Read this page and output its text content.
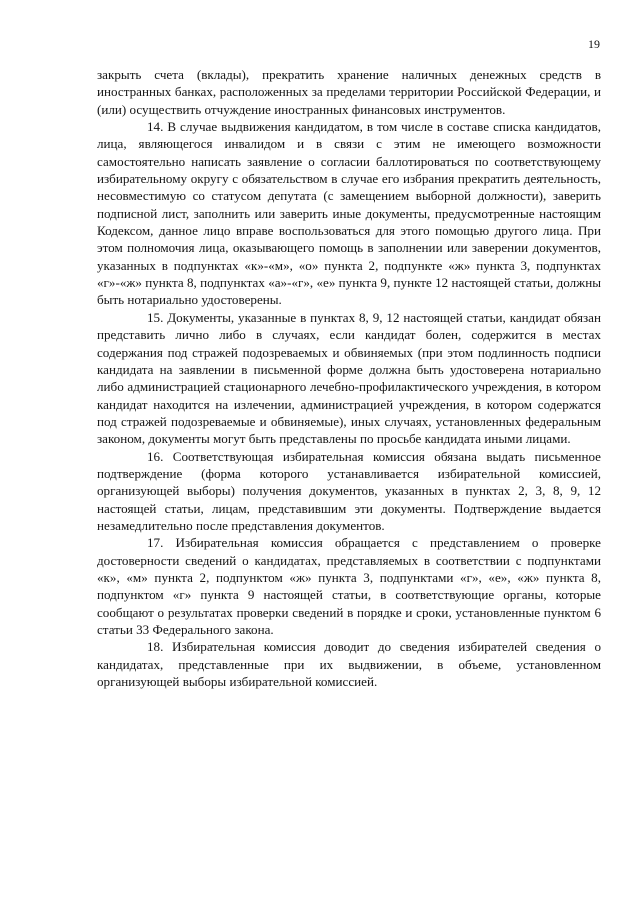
19

закрыть счета (вклады), прекратить хранение наличных денежных средств в иностранных банках, расположенных за пределами территории Российской Федерации, и (или) осуществить отчуждение иностранных финансовых инструментов.

14. В случае выдвижения кандидатом, в том числе в составе списка кандидатов, лица, являющегося инвалидом и в связи с этим не имеющего возможности самостоятельно написать заявление о согласии баллотироваться по соответствующему избирательному округу с обязательством в случае его избрания прекратить деятельность, несовместимую со статусом депутата (с замещением выборной должности), заверить подписной лист, заполнить или заверить иные документы, предусмотренные настоящим Кодексом, данное лицо вправе воспользоваться для этого помощью другого лица. При этом полномочия лица, оказывающего помощь в заполнении или заверении документов, указанных в подпунктах «к»-«м», «о» пункта 2, подпункте «ж» пункта 3, подпунктах «г»-«ж» пункта 8, подпунктах «а»-«г», «е» пункта 9, пункте 12 настоящей статьи, должны быть нотариально удостоверены.

15. Документы, указанные в пунктах 8, 9, 12 настоящей статьи, кандидат обязан представить лично либо в случаях, если кандидат болен, содержится в местах содержания под стражей подозреваемых и обвиняемых (при этом подлинность подписи кандидата на заявлении в письменной форме должна быть удостоверена нотариально либо администрацией стационарного лечебно-профилактического учреждения, в котором кандидат находится на излечении, администрацией учреждения, в котором содержатся под стражей подозреваемые и обвиняемые), иных случаях, установленных федеральным законом, документы могут быть представлены по просьбе кандидата иными лицами.

16. Соответствующая избирательная комиссия обязана выдать письменное подтверждение (форма которого устанавливается избирательной комиссией, организующей выборы) получения документов, указанных в пунктах 2, 3, 8, 9, 12 настоящей статьи, лицам, представившим эти документы. Подтверждение выдается незамедлительно после представления документов.

17. Избирательная комиссия обращается с представлением о проверке достоверности сведений о кандидатах, представляемых в соответствии с подпунктами «к», «м» пункта 2, подпунктом «ж» пункта 3, подпунктами «г», «е», «ж» пункта 8, подпунктом «г» пункта 9 настоящей статьи, в соответствующие органы, которые сообщают о результатах проверки сведений в порядке и сроки, установленные пунктом 6 статьи 33 Федерального закона.

18. Избирательная комиссия доводит до сведения избирателей сведения о кандидатах, представленные при их выдвижении, в объеме, установленном организующей выборы избирательной комиссией.
